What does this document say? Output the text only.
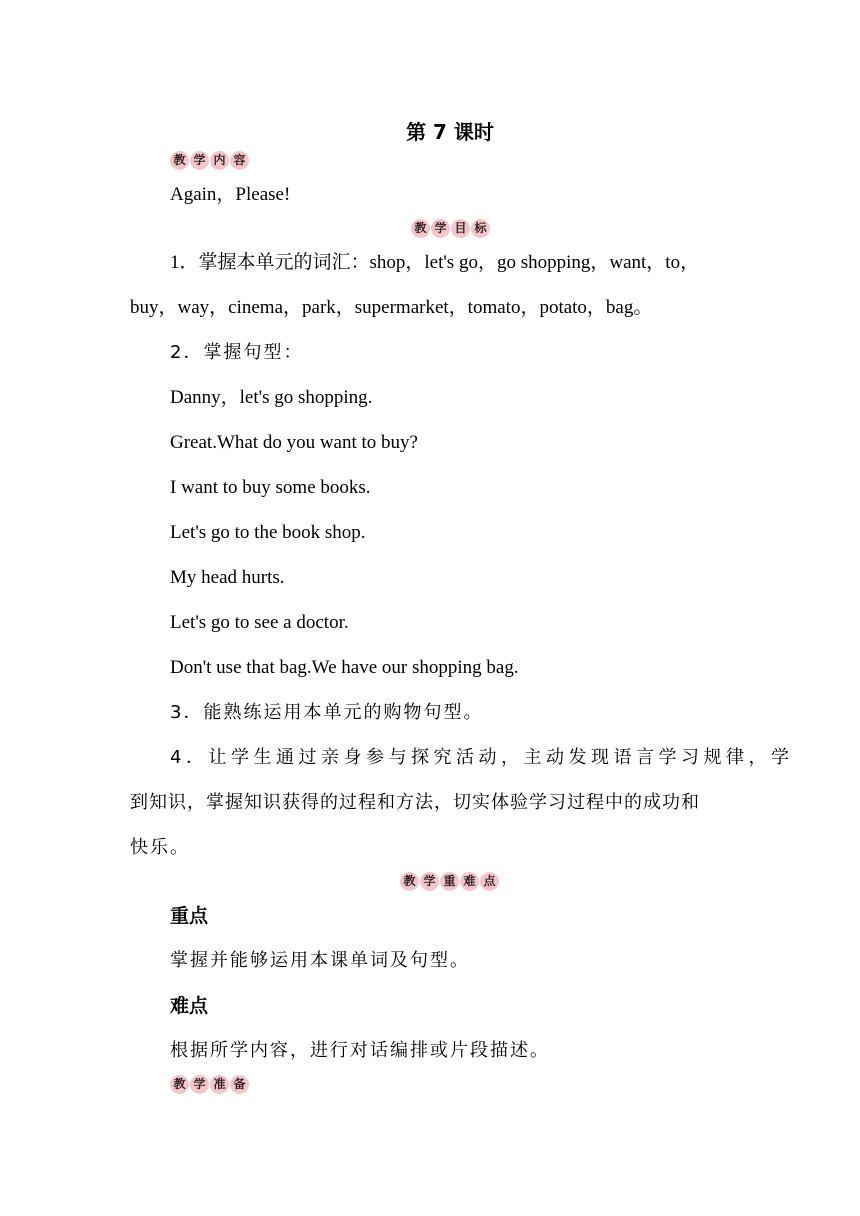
第 7 课时
教 学 内 容
Again，Please!
教 学 目 标
1．掌握本单元的词汇：shop，let's go，go shopping，want，to，
buy，way，cinema，park，supermarket，tomato，potato，bag。
2．掌握句型：
Danny，let's go shopping.
Great.What do you want to buy?
I want to buy some books.
Let's go to the book shop.
My head hurts.
Let's go to see a doctor.
Don't use that bag.We have our shopping bag.
3．能熟练运用本单元的购物句型。
4．让学生通过亲身参与探究活动，主动发现语言学习规律，学
到知识，掌握知识获得的过程和方法，切实体验学习过程中的成功和
快乐。
教 学 重 难 点
重点
掌握并能够运用本课单词及句型。
难点
根据所学内容，进行对话编排或片段描述。
教 学 准 备
